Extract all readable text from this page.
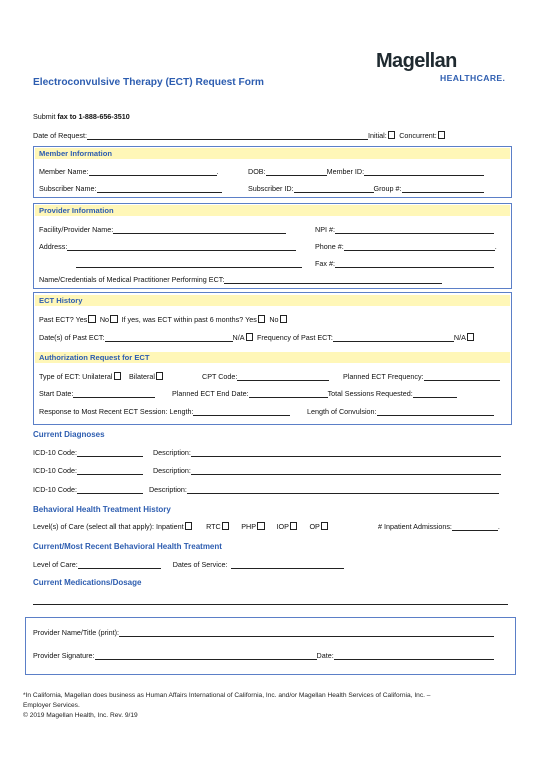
Magellan
HEALTHCARE.
Electroconvulsive Therapy (ECT) Request Form
Submit fax to 1-888-656-3510
Date of Request:	Initial: Concurrent:
Member Information
Member Name:	.	DOB:	Member ID:
Subscriber Name:	Subscriber ID:	Group #:
Provider Information
Facility/Provider Name:	NPI #:
Address:	Phone #:	.
Fax #:
Name/Credentials of Medical Practitioner Performing ECT:
ECT History
Past ECT? Yes No If yes, was ECT within past 6 months? Yes No
Date(s) of Past ECT:	N/A Frequency of Past ECT:	N/A
Authorization Request for ECT
Type of ECT: Unilateral Bilateral	CPT Code:	Planned ECT Frequency:
Start Date:	Planned ECT End Date:	Total Sessions Requested:
Response to Most Recent ECT Session: Length:	Length of Convulsion:
Current Diagnoses
ICD-10 Code:	Description:
ICD-10 Code:	Description:
ICD-10 Code:	Description:
Behavioral Health Treatment History
Level(s) of Care (select all that apply): Inpatient	RTC	PHP	IOP	OP	# Inpatient Admissions:	.
Current/Most Recent Behavioral Health Treatment
Level of Care:	Dates of Service:
Current Medications/Dosage
Provider Name/Title (print):
Provider Signature:	Date:
*In California, Magellan does business as Human Affairs International of California, Inc. and/or Magellan Health Services of California, Inc. –
Employer Services.
© 2019 Magellan Health, Inc. Rev. 9/19
